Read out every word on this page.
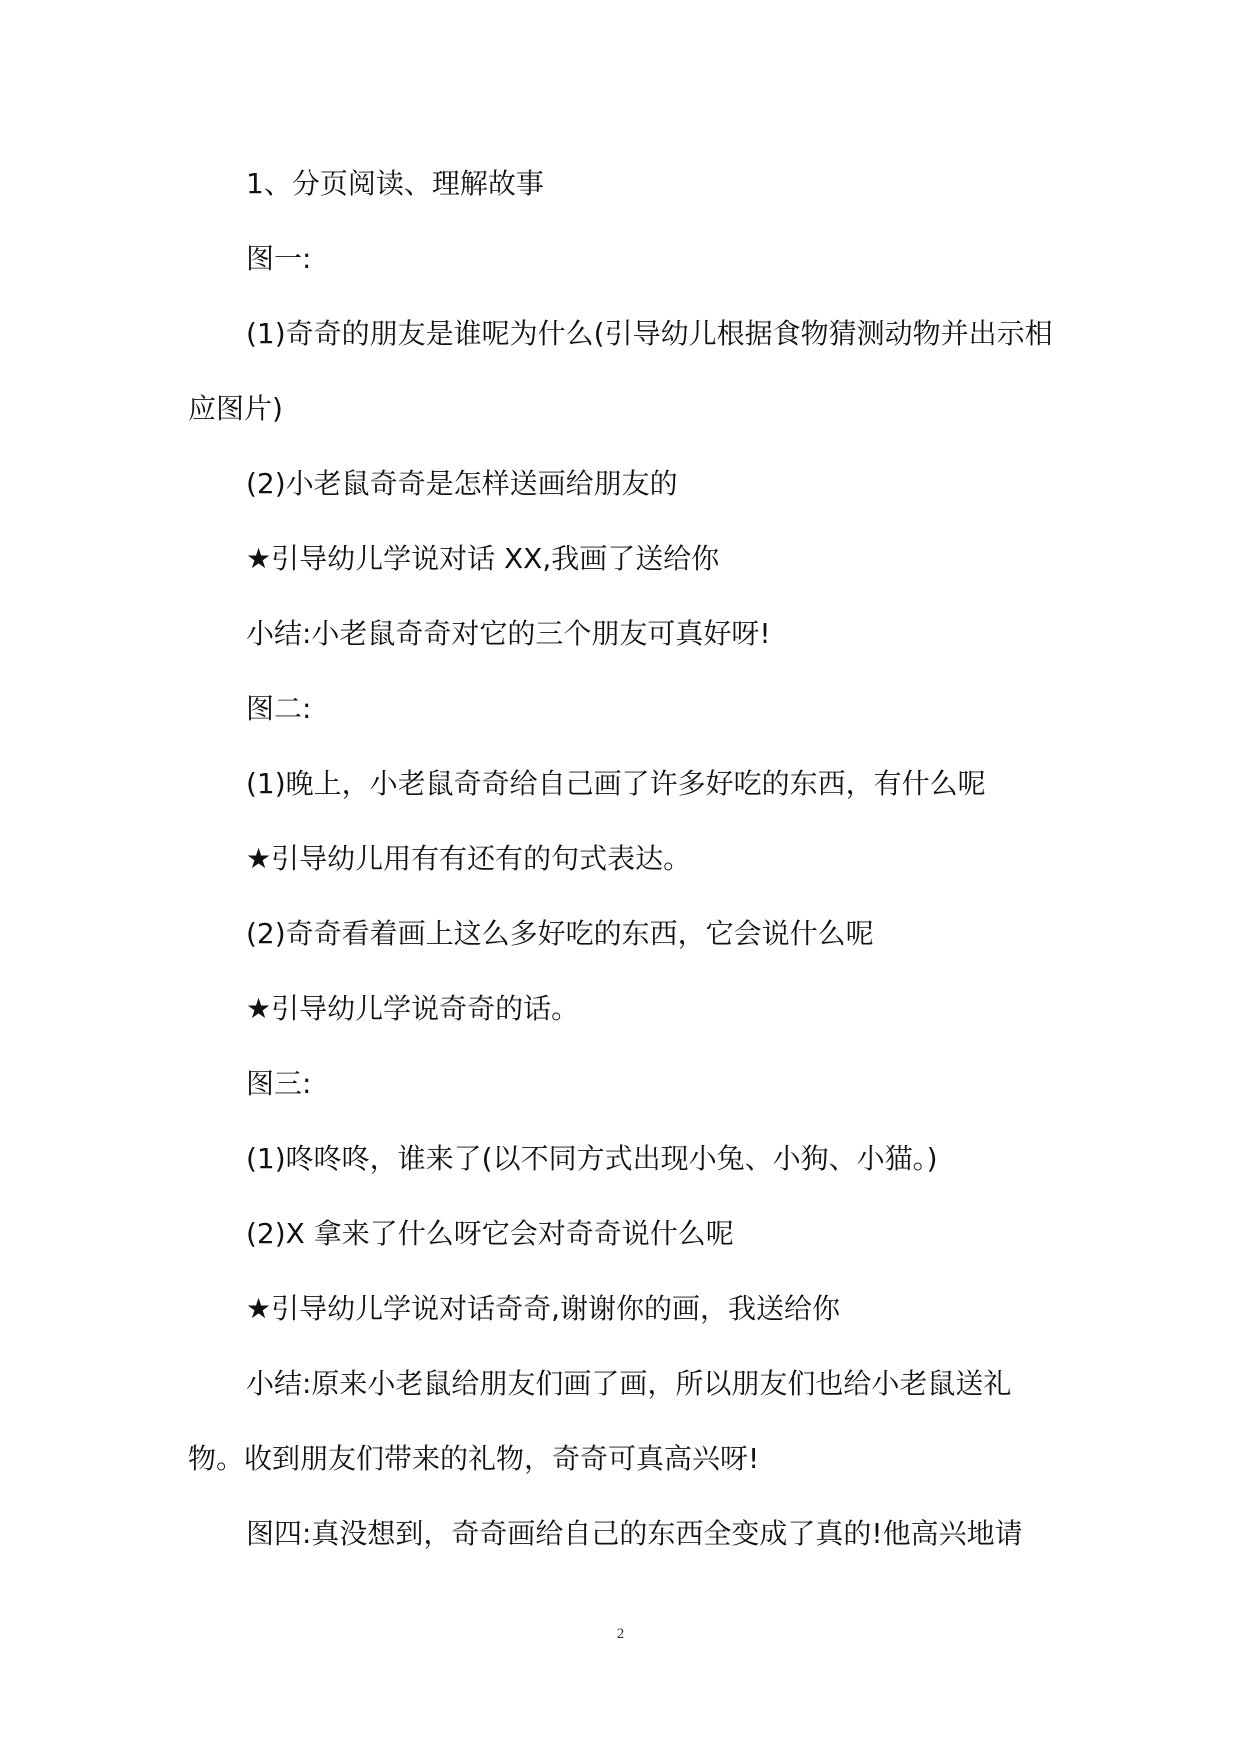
1、分页阅读、理解故事

图一:

(1)奇奇的朋友是谁呢为什么(引导幼儿根据食物猜测动物并出示相应图片)

(2)小老鼠奇奇是怎样送画给朋友的

★引导幼儿学说对话 XX,我画了送给你

小结:小老鼠奇奇对它的三个朋友可真好呀!

图二:

(1)晚上，小老鼠奇奇给自己画了许多好吃的东西，有什么呢

★引导幼儿用有有还有的句式表达。

(2)奇奇看着画上这么多好吃的东西，它会说什么呢

★引导幼儿学说奇奇的话。

图三:

(1)咚咚咚，谁来了(以不同方式出现小兔、小狗、小猫。)

(2)X 拿来了什么呀它会对奇奇说什么呢

★引导幼儿学说对话奇奇,谢谢你的画，我送给你

小结:原来小老鼠给朋友们画了画，所以朋友们也给小老鼠送礼物。收到朋友们带来的礼物，奇奇可真高兴呀!

图四:真没想到，奇奇画给自己的东西全变成了真的!他高兴地请

2
